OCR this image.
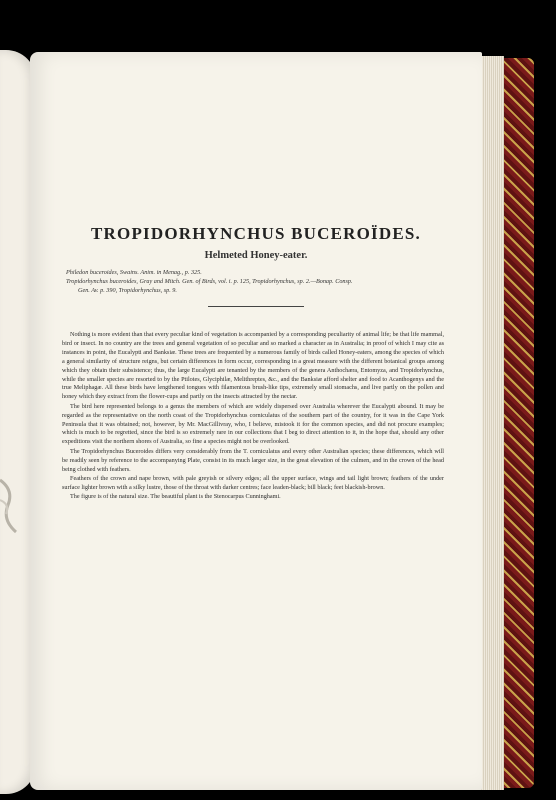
TROPIDORHYNCHUS BUCEROÏDES.
Helmeted Honey-eater.
Philedon buceroides, Swains. Anim. in Menag., p. 325.
Tropidorhynchus buceroides, Gray and Mitch. Gen. of Birds, vol. i. p. 125, Tropidorhynchus, sp. 2.—Bonap. Consp.
Gen. Av. p. 390, Tropidorhynchus, sp. 9.

Nothing is more evident than that every peculiar kind of vegetation is accompanied by a corresponding peculiarity of animal life; be that life mammal, bird or insect. In no country are the trees and general vegetation of so peculiar and so marked a character as in Australia; in proof of which I may cite as instances in point, the Eucalypti and Banksiæ. These trees are frequented by a numerous family of birds called Honey-eaters, among the species of which a general similarity of structure reigns, but certain differences in form occur, corresponding in a great measure with the different botanical groups among which they obtain their subsistence; thus, the large Eucalypti are tenanted by the members of the genera Anthochæra, Entomyza, and Tropidorhynchus, while the smaller species are resorted to by the Ptilotes, Glyciphilæ, Melithreptes, &c., and the Banksiæ afford shelter and food to Acanthogenys and the true Meliphagæ. All these birds have lengthened tongues with filamentous brush-like tips, extremely small stomachs, and live partly on the pollen and honey which they extract from the flower-cups and partly on the insects attracted by the nectar.

The bird here represented belongs to a genus the members of which are widely dispersed over Australia wherever the Eucalypti abound. It may be regarded as the representative on the north coast of the Tropidorhynchus corniculatus of the southern part of the country, for it was in the Cape York Peninsula that it was obtained; not, however, by Mr. MacGillivray, who, I believe, mistook it for the common species, and did not procure examples; which is much to be regretted, since the bird is so extremely rare in our collections that I beg to direct attention to it, in the hope that, should any other expeditions visit the northern shores of Australia, so fine a species might not be overlooked.

The Tropidorhynchus Buceroides differs very considerably from the T. corniculatus and every other Australian species; these differences, which will be readily seen by reference to the accompanying Plate, consist in its much larger size, in the great elevation of the culmen, and in the crown of the head being clothed with feathers.

Feathers of the crown and nape brown, with pale greyish or silvery edges; all the upper surface, wings and tail light brown; feathers of the under surface lighter brown with a silky lustre, those of the throat with darker centres; face leaden-black; bill black; feet blackish-brown.

The figure is of the natural size. The beautiful plant is the Stenocarpus Cunninghami.
